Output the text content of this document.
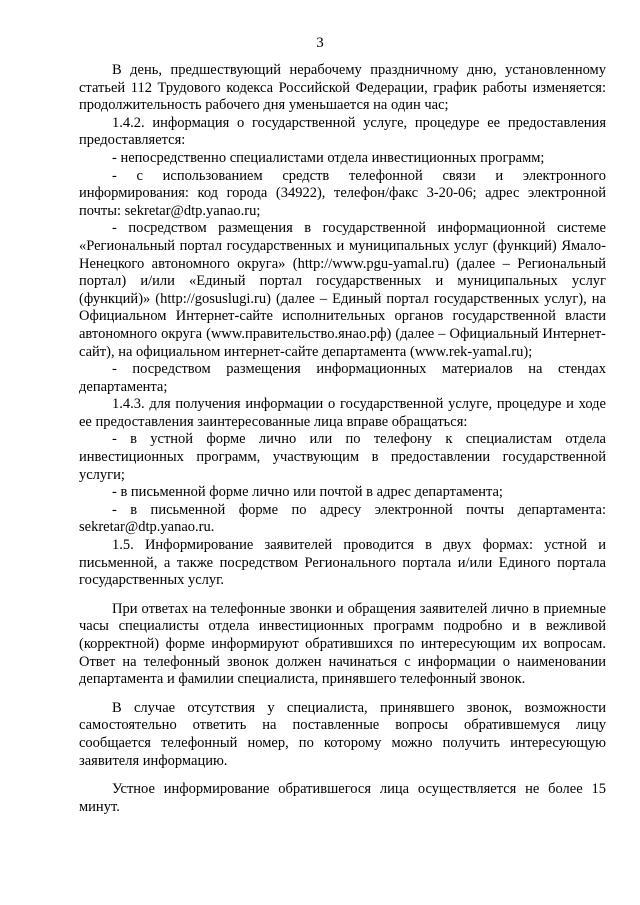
3

В день, предшествующий нерабочему праздничному дню, установленному статьей 112 Трудового кодекса Российской Федерации, график работы изменяется: продолжительность рабочего дня уменьшается на один час;

1.4.2. информация о государственной услуге, процедуре ее предоставления предоставляется:

- непосредственно специалистами отдела инвестиционных программ;

- с использованием средств телефонной связи и электронного информирования: код города (34922), телефон/факс 3-20-06; адрес электронной почты: sekretar@dtp.yanao.ru;

- посредством размещения в государственной информационной системе «Региональный портал государственных и муниципальных услуг (функций) Ямало-Ненецкого автономного округа» (http://www.pgu-yamal.ru) (далее – Региональный портал) и/или «Единый портал государственных и муниципальных услуг (функций)» (http://gosuslugi.ru) (далее – Единый портал государственных услуг), на Официальном Интернет-сайте исполнительных органов государственной власти автономного округа (www.правительство.янао.рф) (далее – Официальный Интернет-сайт), на официальном интернет-сайте департамента (www.rek-yamal.ru);

- посредством размещения информационных материалов на стендах департамента;

1.4.3. для получения информации о государственной услуге, процедуре и ходе ее предоставления заинтересованные лица вправе обращаться:

- в устной форме лично или по телефону к специалистам отдела инвестиционных программ, участвующим в предоставлении государственной услуги;

- в письменной форме лично или почтой в адрес департамента;

- в письменной форме по адресу электронной почты департамента: sekretar@dtp.yanao.ru.

1.5. Информирование заявителей проводится в двух формах: устной и письменной, а также посредством Регионального портала и/или Единого портала государственных услуг.

При ответах на телефонные звонки и обращения заявителей лично в приемные часы специалисты отдела инвестиционных программ подробно и в вежливой (корректной) форме информируют обратившихся по интересующим их вопросам. Ответ на телефонный звонок должен начинаться с информации о наименовании департамента и фамилии специалиста, принявшего телефонный звонок.

В случае отсутствия у специалиста, принявшего звонок, возможности самостоятельно ответить на поставленные вопросы обратившемуся лицу сообщается телефонный номер, по которому можно получить интересующую заявителя информацию.

Устное информирование обратившегося лица осуществляется не более 15 минут.
